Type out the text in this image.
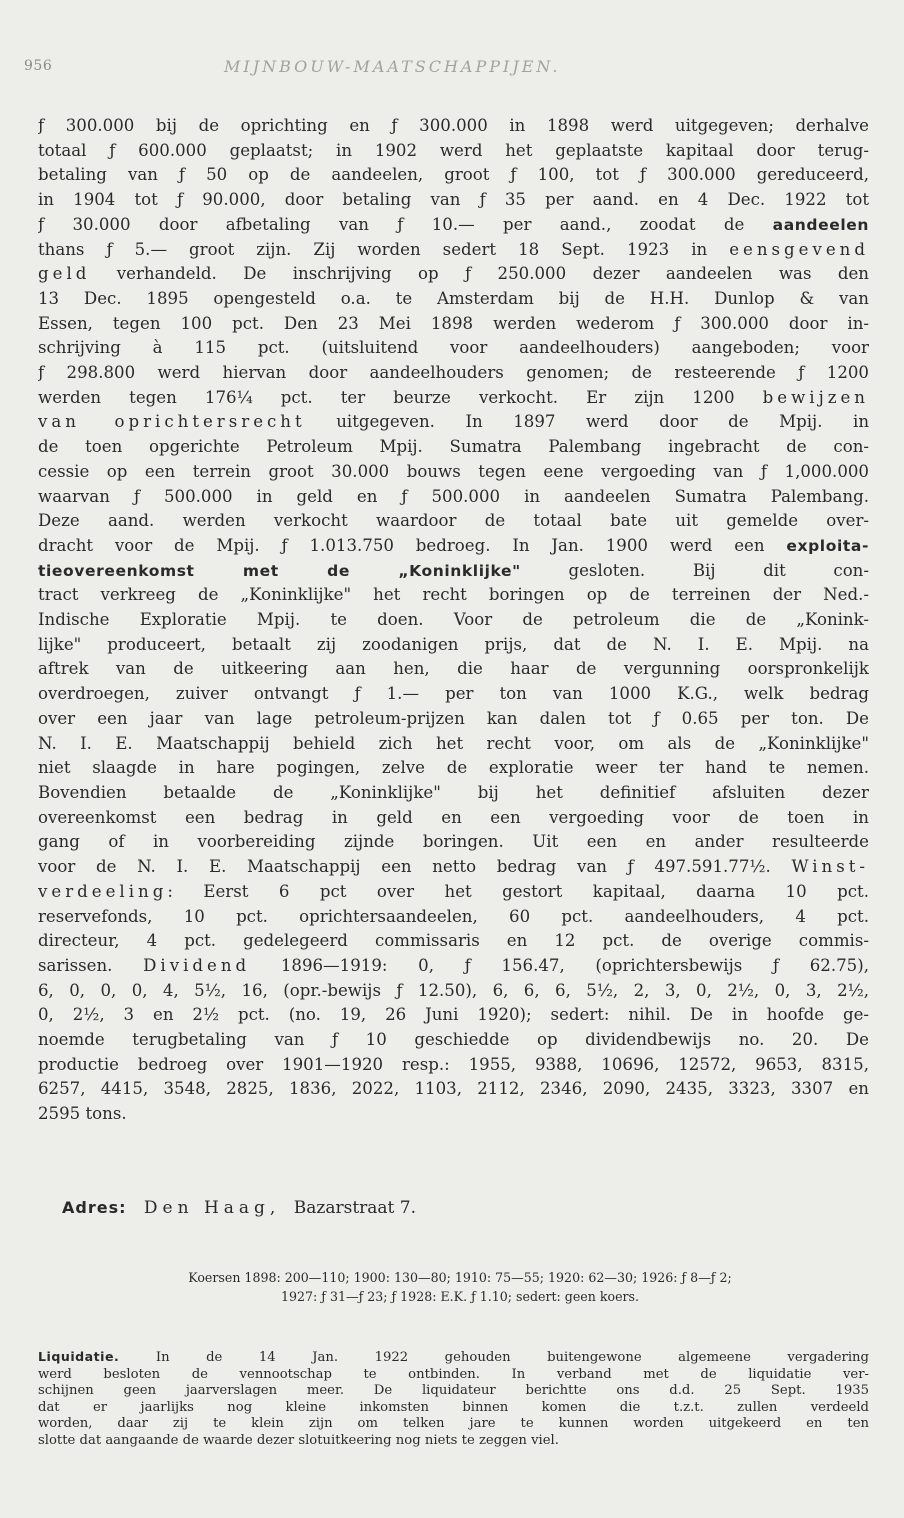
956	MIJNBOUW-MAATSCHAPPIJEN.
ƒ 300.000 bij de oprichting en ƒ 300.000 in 1898 werd uitgegeven; derhalve
totaal ƒ 600.000 geplaatst; in 1902 werd het geplaatste kapitaal door terug-
betaling van ƒ 50 op de aandeelen, groot ƒ 100, tot ƒ 300.000 gereduceerd,
in 1904 tot ƒ 90.000, door betaling van ƒ 35 per aand. en 4 Dec. 1922 tot
ƒ 30.000 door afbetaling van ƒ 10.— per aand., zoodat de aandeelen
thans ƒ 5.— groot zijn. Zij worden sedert 18 Sept. 1923 in eensgevend
geld verhandeld. De inschrijving op ƒ 250.000 dezer aandeelen was den
13 Dec. 1895 opengesteld o.a. te Amsterdam bij de H.H. Dunlop & van
Essen, tegen 100 pct. Den 23 Mei 1898 werden wederom ƒ 300.000 door in-
schrijving à 115 pct. (uitsluitend voor aandeelhouders) aangeboden; voor
ƒ 298.800 werd hiervan door aandeelhouders genomen; de resteerende ƒ 1200
werden tegen 176¼ pct. ter beurze verkocht. Er zijn 1200 bewijzen
van oprichtersrecht uitgegeven. In 1897 werd door de Mpij. in
de toen opgerichte Petroleum Mpij. Sumatra Palembang ingebracht de con-
cessie op een terrein groot 30.000 bouws tegen eene vergoeding van ƒ 1,000.000
waarvan ƒ 500.000 in geld en ƒ 500.000 in aandeelen Sumatra Palembang.
Deze aand. werden verkocht waardoor de totaal bate uit gemelde over-
dracht voor de Mpij. ƒ 1.013.750 bedroeg. In Jan. 1900 werd een exploita-
tieovereenkomst met de „Koninklijke" gesloten. Bij dit con-
tract verkreeg de „Koninklijke" het recht boringen op de terreinen der Ned.-
Indische Exploratie Mpij. te doen. Voor de petroleum die de „Konink-
lijke" produceert, betaalt zij zoodanigen prijs, dat de N. I. E. Mpij. na
aftrek van de uitkeering aan hen, die haar de vergunning oorspronkelijk
overdroegen, zuiver ontvangt ƒ 1.— per ton van 1000 K.G., welk bedrag
over een jaar van lage petroleum-prijzen kan dalen tot ƒ 0.65 per ton. De
N. I. E. Maatschappij behield zich het recht voor, om als de „Koninklijke"
niet slaagde in hare pogingen, zelve de exploratie weer ter hand te nemen.
Bovendien betaalde de „Koninklijke" bij het definitief afsluiten dezer
overeenkomst een bedrag in geld en een vergoeding voor de toen in
gang of in voorbereiding zijnde boringen. Uit een en ander resulteerde
voor de N. I. E. Maatschappij een netto bedrag van ƒ 497.591.77½. Winst-
verdeeling: Eerst 6 pct over het gestort kapitaal, daarna 10 pct.
reservefonds, 10 pct. oprichtersaandeelen, 60 pct. aandeelhouders, 4 pct.
directeur, 4 pct. gedelegeerd commissaris en 12 pct. de overige commis-
sarissen. Dividend 1896—1919: 0, ƒ 156.47, (oprichtersbewijs ƒ 62.75),
6, 0, 0, 0, 4, 5½, 16, (opr.-bewijs ƒ 12.50), 6, 6, 6, 5½, 2, 3, 0, 2½, 0, 3, 2½,
0, 2½, 3 en 2½ pct. (no. 19, 26 Juni 1920); sedert: nihil. De in hoofde ge-
noemde terugbetaling van ƒ 10 geschiedde op dividendbewijs no. 20. De
productie bedroeg over 1901—1920 resp.: 1955, 9388, 10696, 12572, 9653, 8315,
6257, 4415, 3548, 2825, 1836, 2022, 1103, 2112, 2346, 2090, 2435, 3323, 3307 en
2595 tons.
Adres: Den Haag, Bazarstraat 7.
Koersen 1898: 200—110; 1900: 130—80; 1910: 75—55; 1920: 62—30; 1926: ƒ 8—ƒ 2;
1927: ƒ 31—ƒ 23; ƒ 1928: E.K. ƒ 1.10; sedert: geen koers.
Liquidatie.	In de 14 Jan. 1922 gehouden buitengewone algemeene vergadering
werd besloten de vennootschap te ontbinden. In verband met de liquidatie ver-
schijnen geen jaarverslagen meer. De liquidateur berichtte ons d.d. 25 Sept. 1935
dat er jaarlijks nog kleine inkomsten binnen komen die t.z.t. zullen verdeeld
worden, daar zij te klein zijn om telken jare te kunnen worden uitgekeerd en ten
slotte dat aangaande de waarde dezer slotuitkeering nog niets te zeggen viel.
